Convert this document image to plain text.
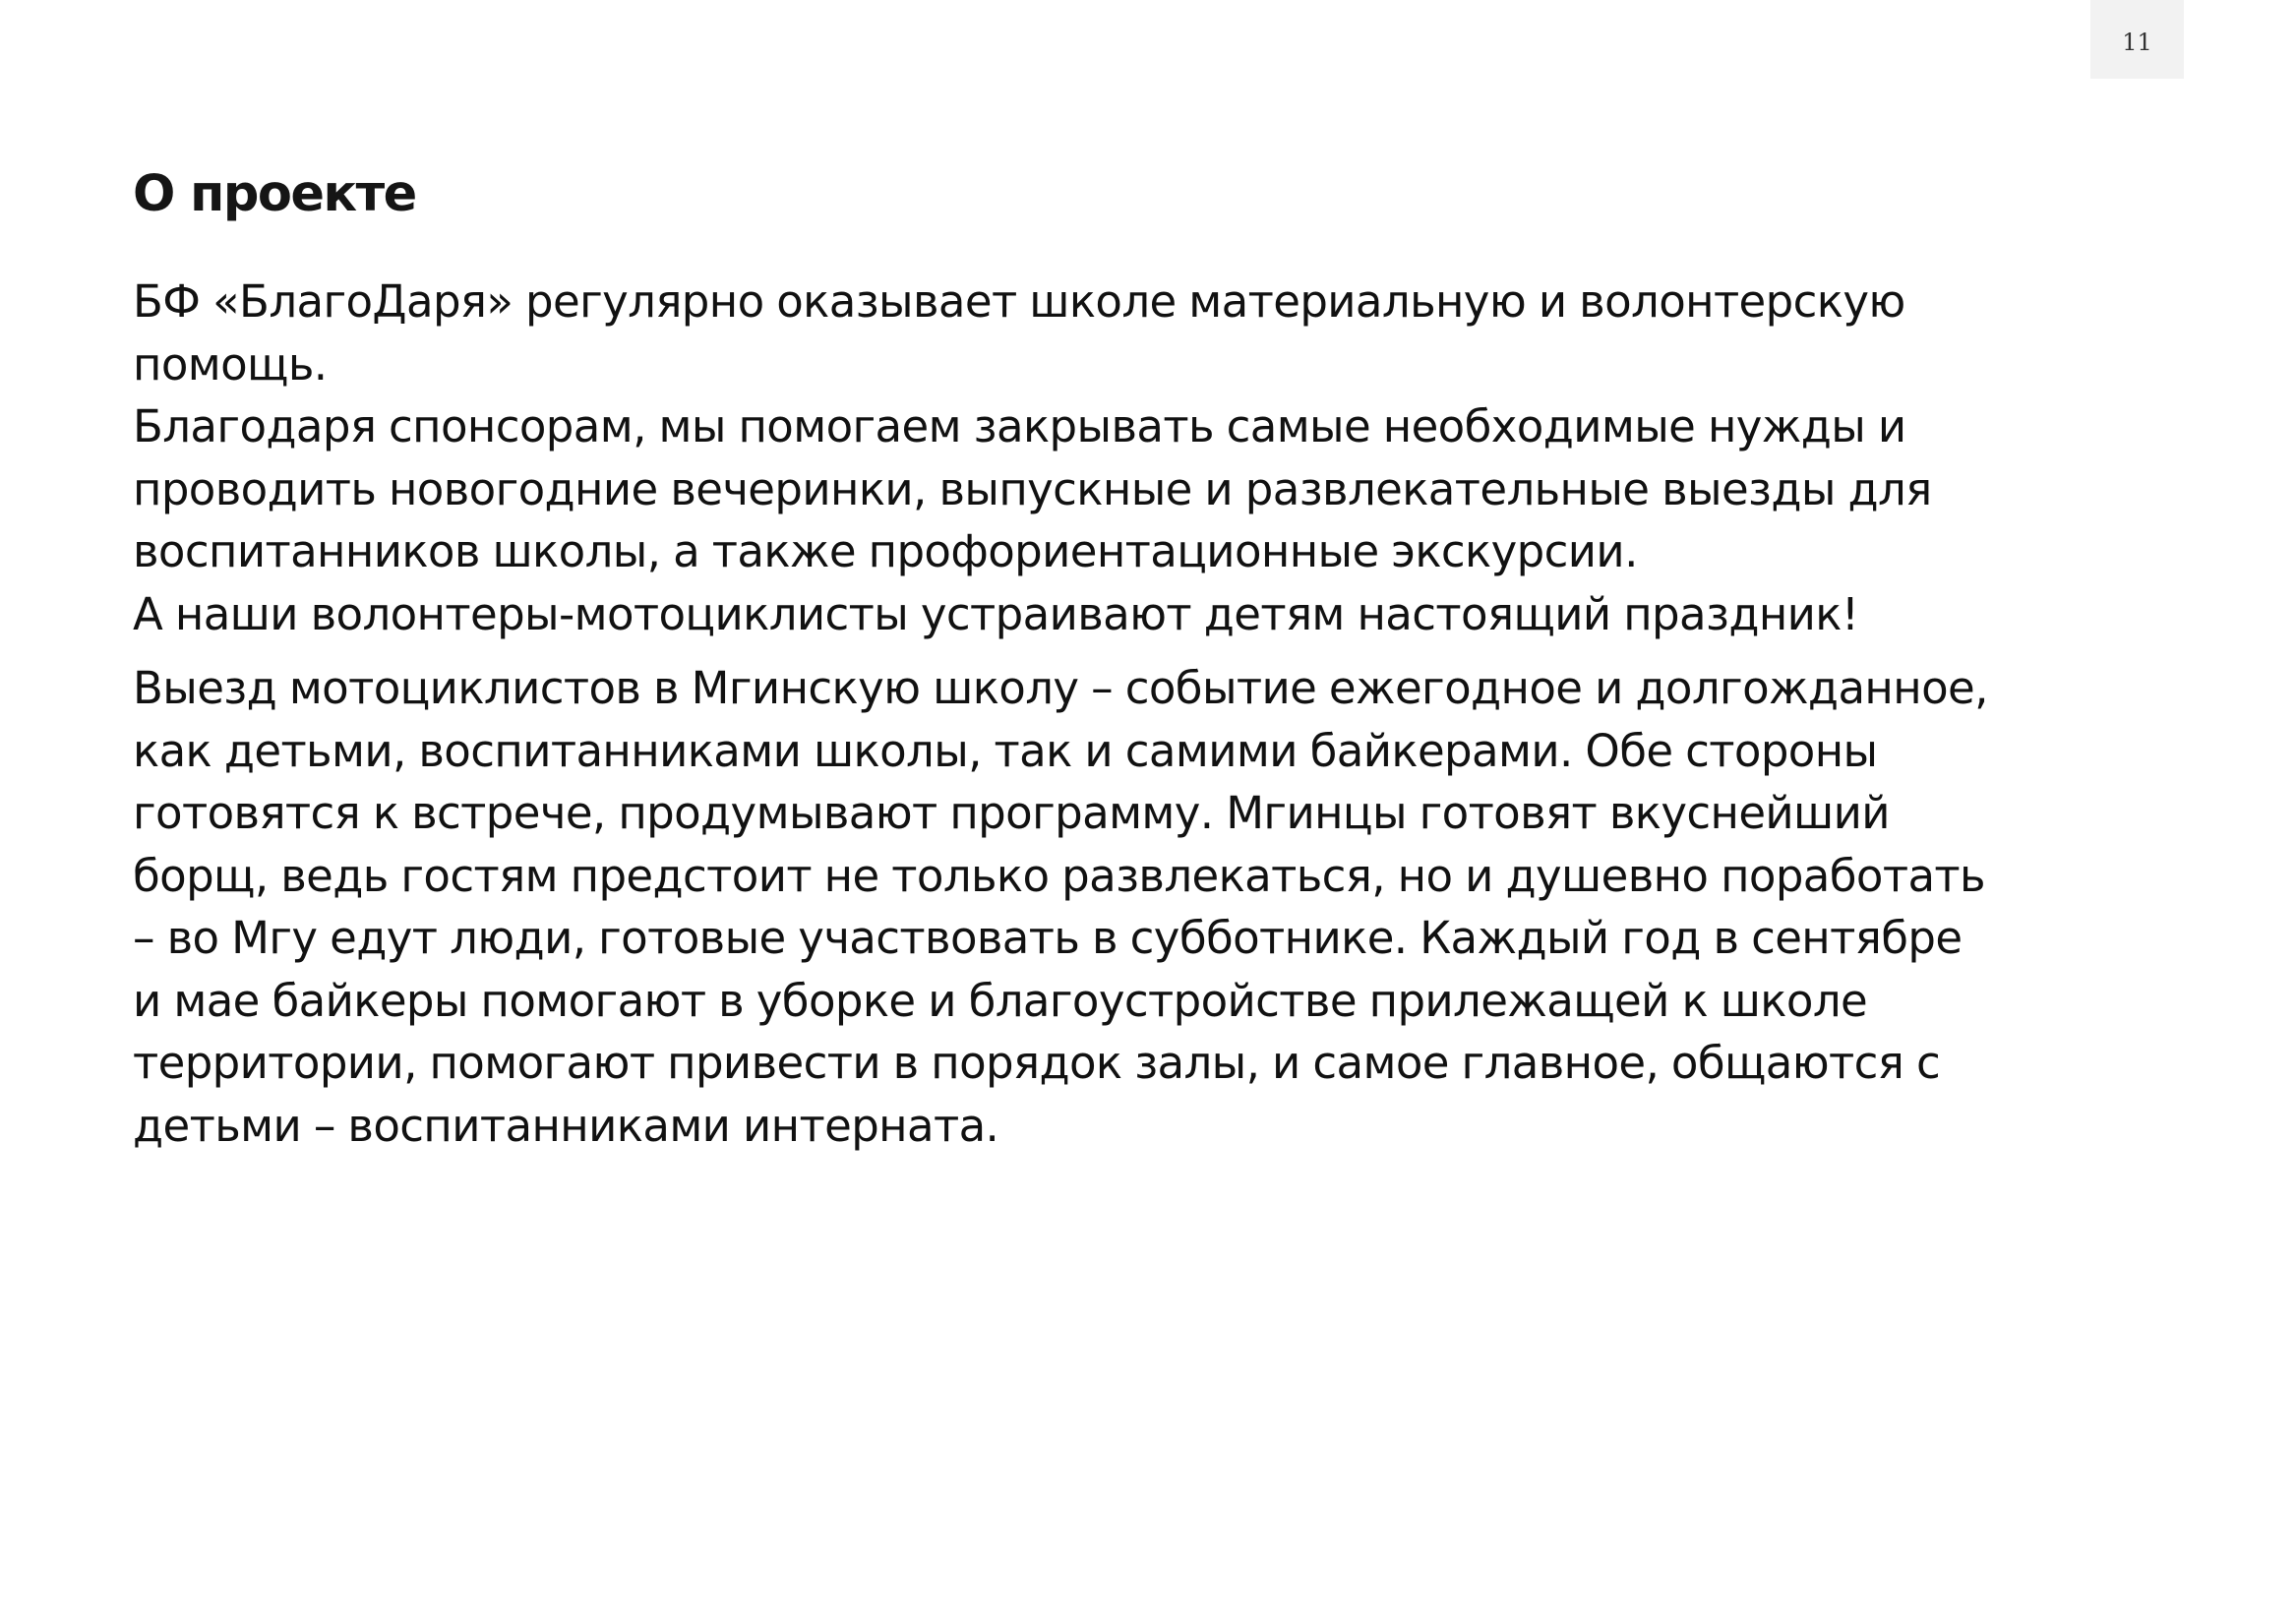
11
О проекте

БФ «БлагоДаря» регулярно оказывает школе материальную и волонтерскую
помощь.

Благодаря спонсорам, мы помогаем закрывать самые необходимые нужды и
проводить новогодние вечеринки, выпускные и развлекательные выезды для
воспитанников школы, а также профориентационные экскурсии.

А наши волонтеры-мотоциклисты устраивают детям настоящий праздник!

Выезд мотоциклистов в Мгинскую школу – событие ежегодное и долгожданное,
как детьми, воспитанниками школы, так и самими байкерами. Обе стороны
готовятся к встрече, продумывают программу. Мгинцы готовят вкуснейший
борщ, ведь гостям предстоит не только развлекаться, но и душевно поработать
– во Мгу едут люди, готовые участвовать в субботнике. Каждый год в сентябре
и мае байкеры помогают в уборке и благоустройстве прилежащей к школе
территории, помогают привести в порядок залы, и самое главное, общаются с
детьми – воспитанниками интерната.
